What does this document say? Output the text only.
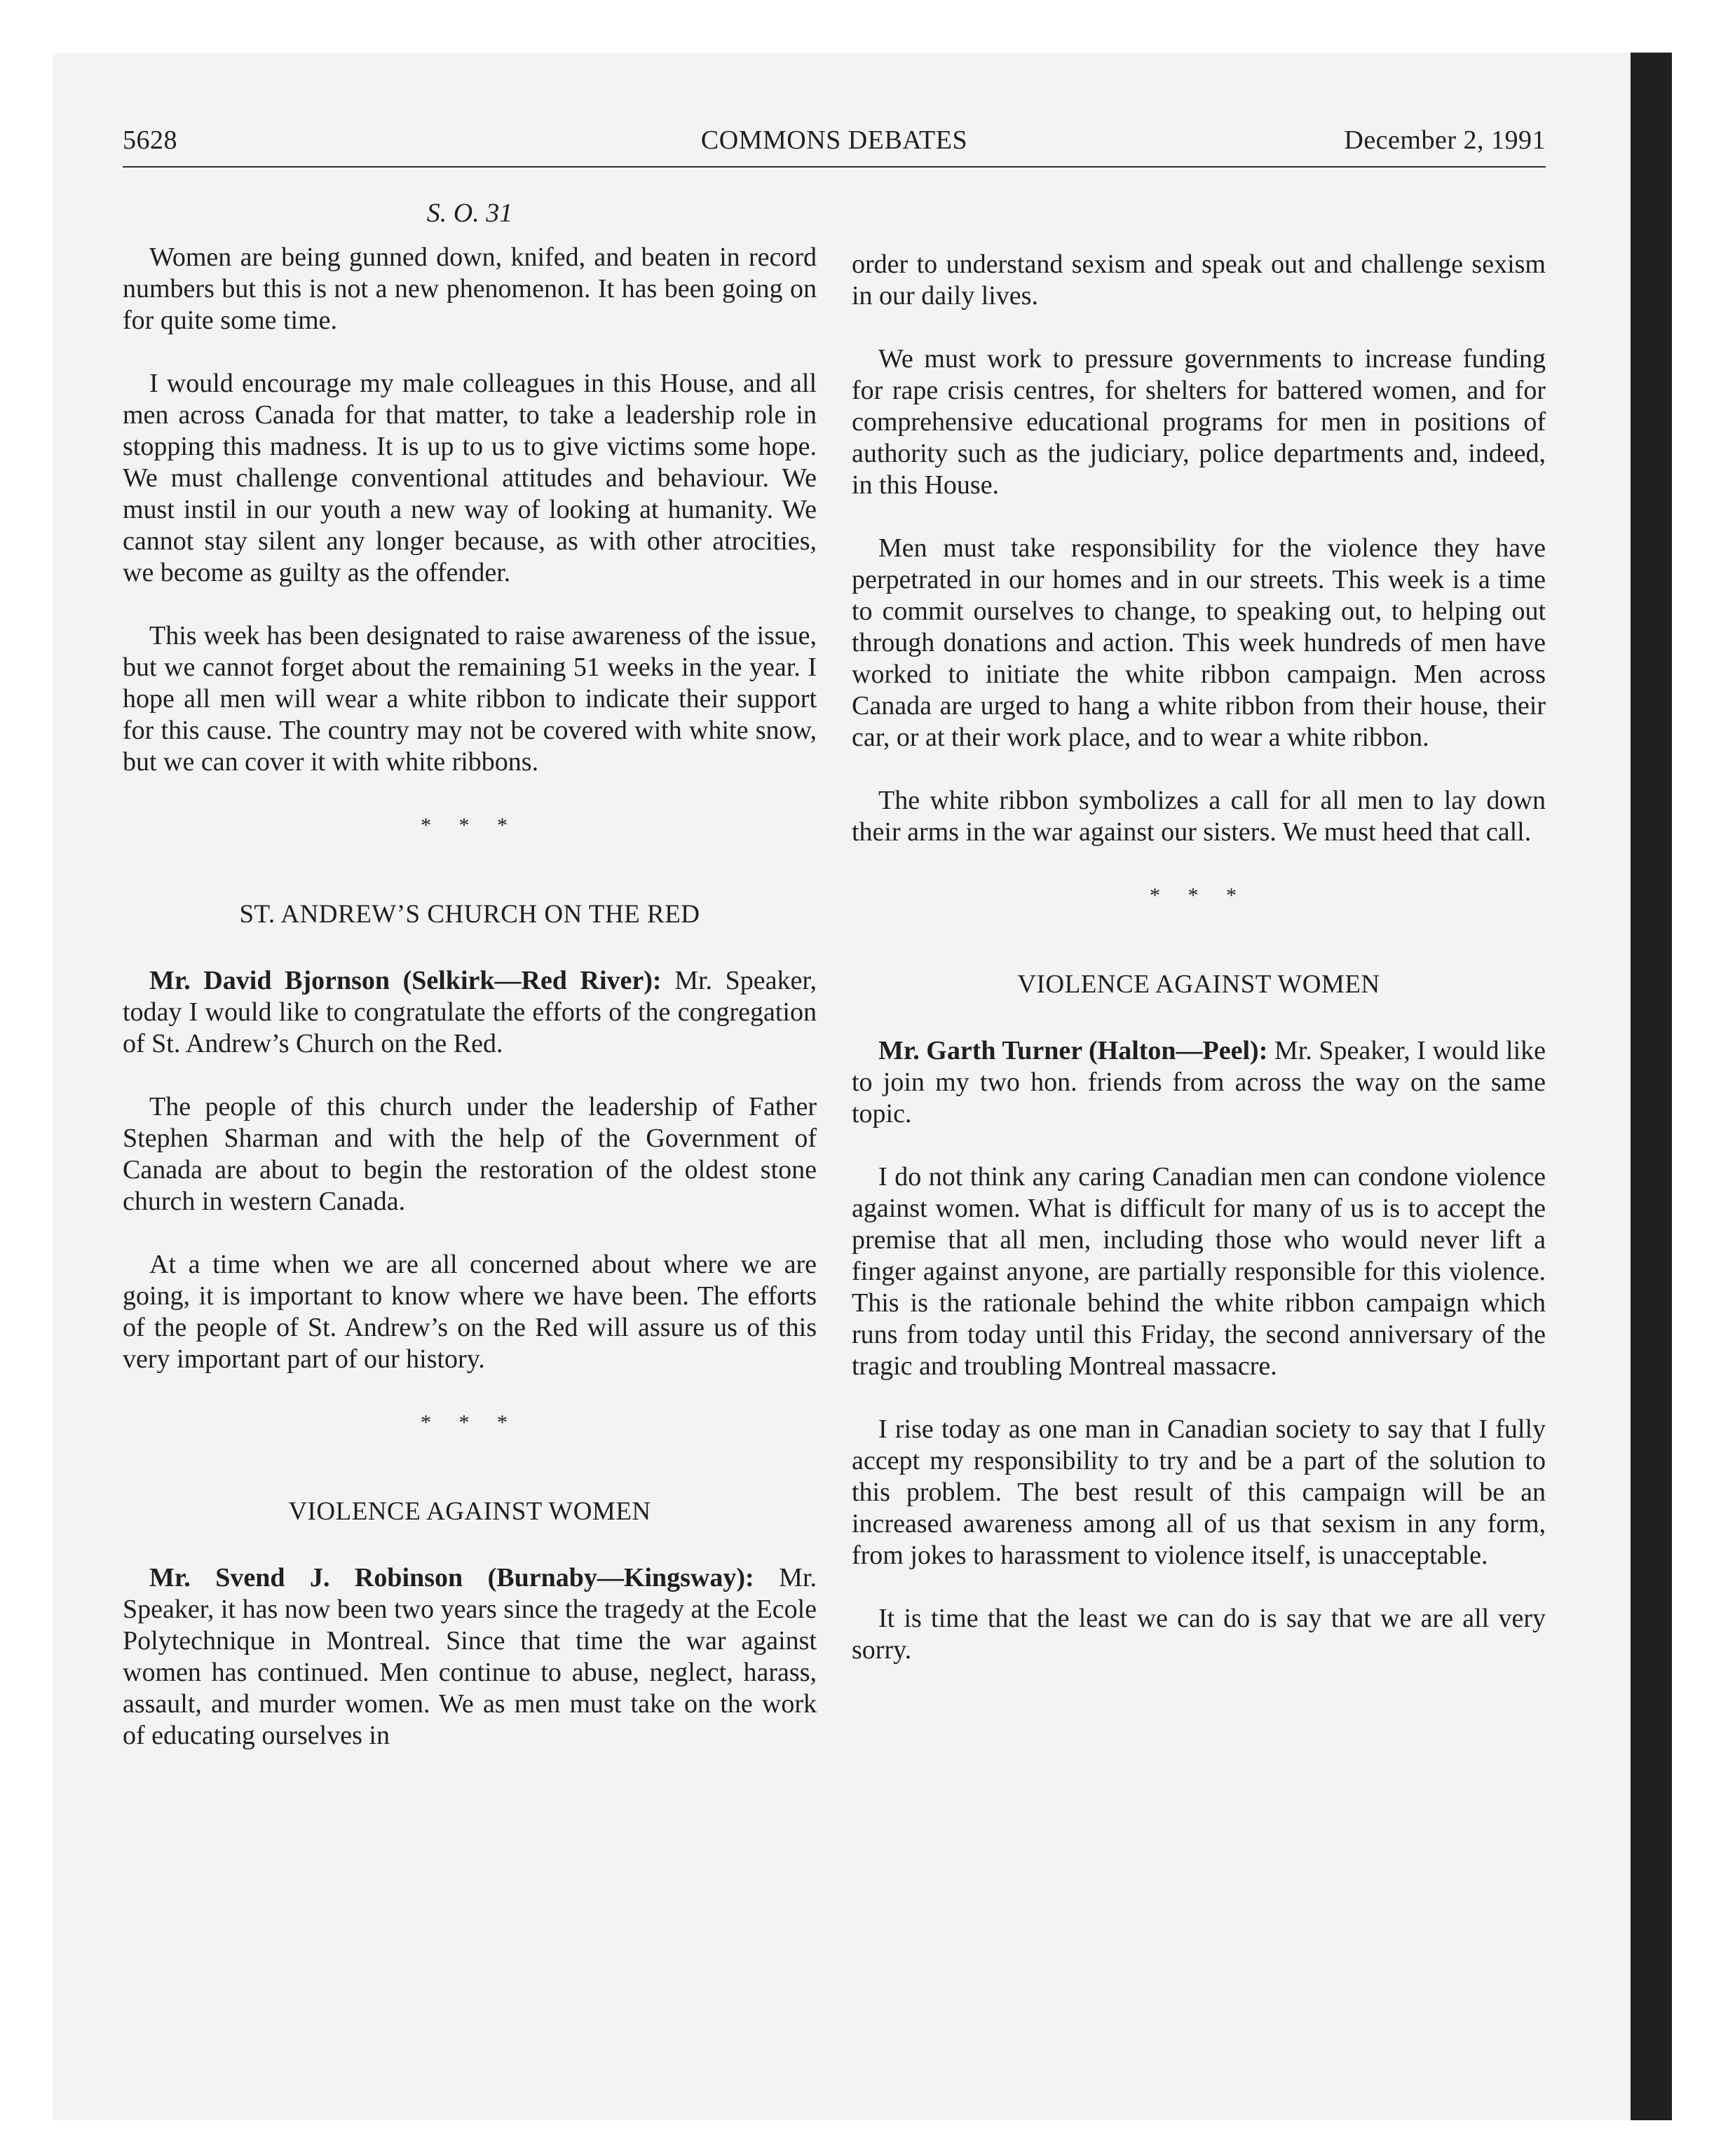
5628	COMMONS DEBATES	December 2, 1991
S. O. 31

Women are being gunned down, knifed, and beaten in record numbers but this is not a new phenomenon. It has been going on for quite some time.

I would encourage my male colleagues in this House, and all men across Canada for that matter, to take a leadership role in stopping this madness. It is up to us to give victims some hope. We must challenge conventional attitudes and behaviour. We must instil in our youth a new way of looking at humanity. We cannot stay silent any longer because, as with other atrocities, we become as guilty as the offender.

This week has been designated to raise awareness of the issue, but we cannot forget about the remaining 51 weeks in the year. I hope all men will wear a white ribbon to indicate their support for this cause. The country may not be covered with white snow, but we can cover it with white ribbons.

* * *
ST. ANDREW’S CHURCH ON THE RED

Mr. David Bjornson (Selkirk—Red River): Mr. Speaker, today I would like to congratulate the efforts of the congregation of St. Andrew’s Church on the Red.

The people of this church under the leadership of Father Stephen Sharman and with the help of the Government of Canada are about to begin the restoration of the oldest stone church in western Canada.

At a time when we are all concerned about where we are going, it is important to know where we have been. The efforts of the people of St. Andrew’s on the Red will assure us of this very important part of our history.

* * *
VIOLENCE AGAINST WOMEN

Mr. Svend J. Robinson (Burnaby—Kingsway): Mr. Speaker, it has now been two years since the tragedy at the Ecole Polytechnique in Montreal. Since that time the war against women has continued. Men continue to abuse, neglect, harass, assault, and murder women. We as men must take on the work of educating ourselves in

order to understand sexism and speak out and challenge sexism in our daily lives.

We must work to pressure governments to increase funding for rape crisis centres, for shelters for battered women, and for comprehensive educational programs for men in positions of authority such as the judiciary, police departments and, indeed, in this House.

Men must take responsibility for the violence they have perpetrated in our homes and in our streets. This week is a time to commit ourselves to change, to speaking out, to helping out through donations and action. This week hundreds of men have worked to initiate the white ribbon campaign. Men across Canada are urged to hang a white ribbon from their house, their car, or at their work place, and to wear a white ribbon.

The white ribbon symbolizes a call for all men to lay down their arms in the war against our sisters. We must heed that call.

* * *
VIOLENCE AGAINST WOMEN

Mr. Garth Turner (Halton—Peel): Mr. Speaker, I would like to join my two hon. friends from across the way on the same topic.

I do not think any caring Canadian men can condone violence against women. What is difficult for many of us is to accept the premise that all men, including those who would never lift a finger against anyone, are partially responsible for this violence. This is the rationale behind the white ribbon campaign which runs from today until this Friday, the second anniversary of the tragic and troubling Montreal massacre.

I rise today as one man in Canadian society to say that I fully accept my responsibility to try and be a part of the solution to this problem. The best result of this campaign will be an increased awareness among all of us that sexism in any form, from jokes to harassment to violence itself, is unacceptable.

It is time that the least we can do is say that we are all very sorry.
